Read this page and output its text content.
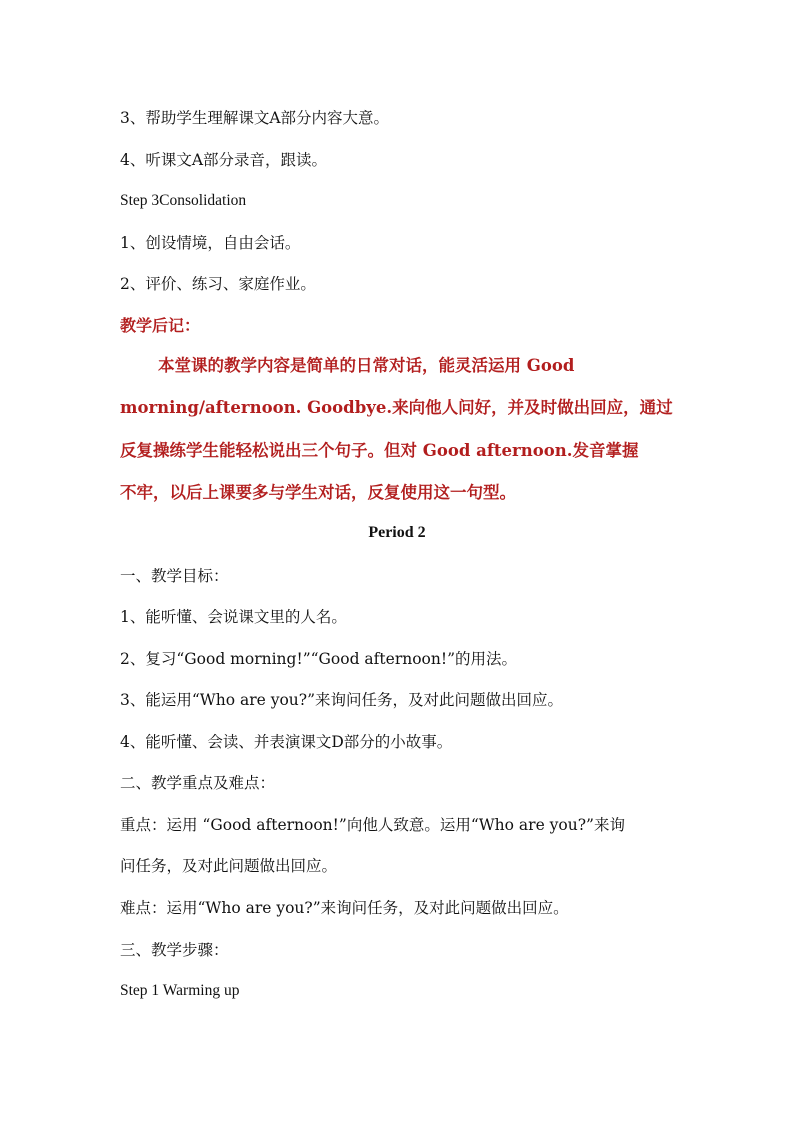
3、帮助学生理解课文A部分内容大意。
4、听课文A部分录音，跟读。
Step 3Consolidation
1、创设情境，自由会话。
2、评价、练习、家庭作业。
教学后记：
本堂课的教学内容是简单的日常对话，能灵活运用 Good
morning/afternoon. Goodbye.来向他人问好，并及时做出回应，通过
反复操练学生能轻松说出三个句子。但对 Good afternoon.发音掌握
不牢，以后上课要多与学生对话，反复使用这一句型。
Period 2
一、教学目标：
1、能听懂、会说课文里的人名。
2、复习“Good morning!”“Good afternoon!”的用法。
3、能运用“Who are you?”来询问任务，及对此问题做出回应。
4、能听懂、会读、并表演课文D部分的小故事。
二、教学重点及难点：
重点：运用 “Good afternoon!”向他人致意。运用“Who are you?”来询
问任务，及对此问题做出回应。
难点：运用“Who are you?”来询问任务，及对此问题做出回应。
三、教学步骤：
Step 1 Warming up
